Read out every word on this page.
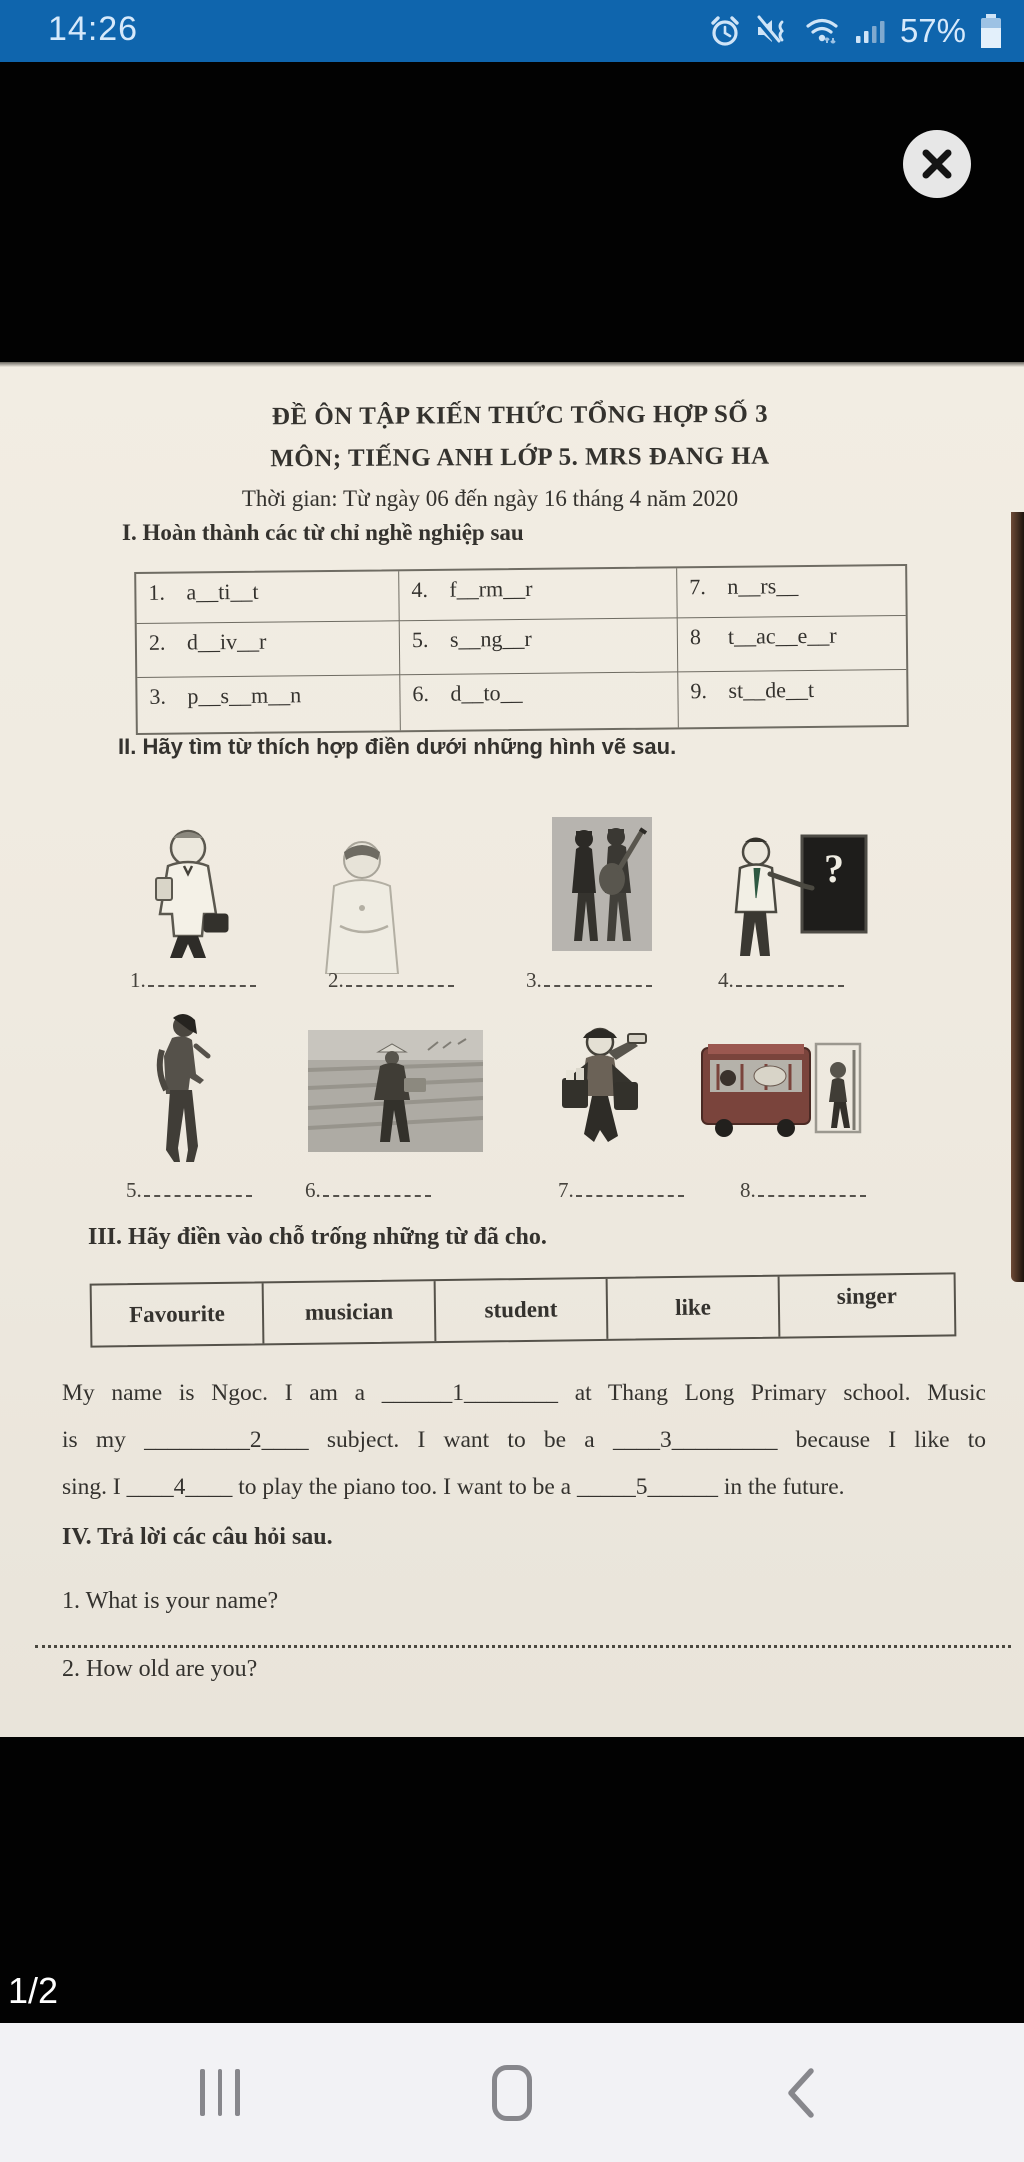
14:26	57%
ĐỀ ÔN TẬP KIẾN THỨC TỔNG HỢP SỐ 3
MÔN; TIẾNG ANH LỚP 5. MRS ĐANG HA
Thời gian: Từ ngày 06 đến ngày 16 tháng 4 năm 2020
I. Hoàn thành các từ chỉ nghề nghiệp sau
1. a__ti__t	4. f__rm__r	7. n__rs__
2. d__iv__r	5. s__ng__r	8 t__ac__e__r
3. p__s__m__n	6. d__to__	9. st__de__t
II. Hãy tìm từ thích hợp điền dưới những hình vẽ sau.
?
1.	2.	3.	4.
5.	6.	7.	8.
III. Hãy điền vào chỗ trống những từ đã cho.
Favourite	musician	student	like	singer
My name is Ngoc. I am a ______1________ at Thang Long Primary school. Music
is my _________2____ subject. I want to be a ____3_________ because I like to
sing. I ____4____ to play the piano too. I want to be a _____5______ in the future.
IV. Trả lời các câu hỏi sau.
1. What is your name?
2. How old are you?
1/2
